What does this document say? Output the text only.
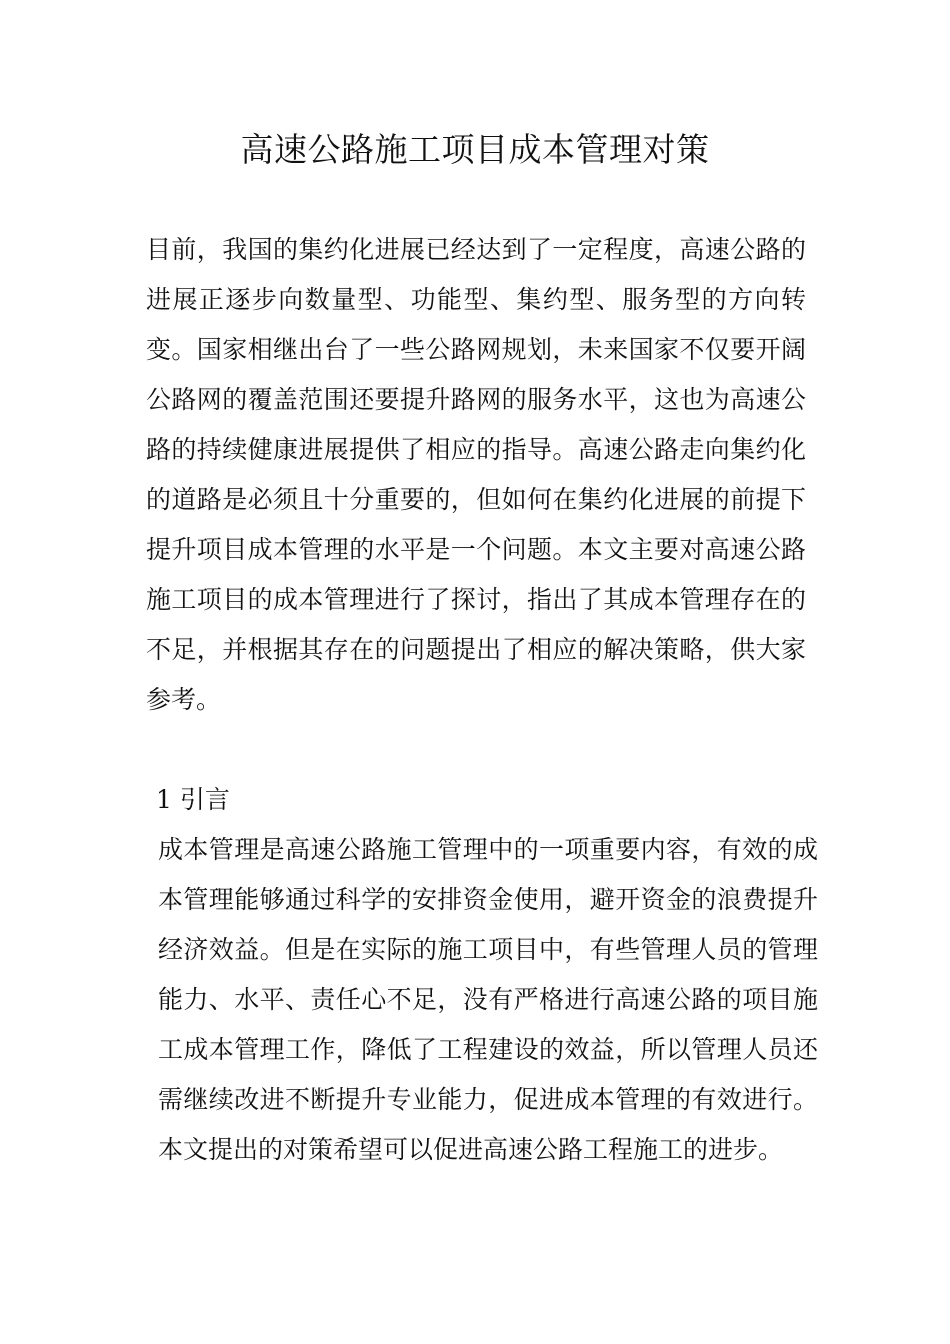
高速公路施工项目成本管理对策

目前，我国的集约化进展已经达到了一定程度，高速公路的进展正逐步向数量型、功能型、集约型、服务型的方向转变。国家相继出台了一些公路网规划，未来国家不仅要开阔公路网的覆盖范围还要提升路网的服务水平，这也为高速公路的持续健康进展提供了相应的指导。高速公路走向集约化的道路是必须且十分重要的，但如何在集约化进展的前提下提升项目成本管理的水平是一个问题。本文主要对高速公路施工项目的成本管理进行了探讨，指出了其成本管理存在的不足，并根据其存在的问题提出了相应的解决策略，供大家参考。

1 引言

成本管理是高速公路施工管理中的一项重要内容，有效的成本管理能够通过科学的安排资金使用，避开资金的浪费提升经济效益。但是在实际的施工项目中，有些管理人员的管理能力、水平、责任心不足，没有严格进行高速公路的项目施工成本管理工作，降低了工程建设的效益，所以管理人员还需继续改进不断提升专业能力，促进成本管理的有效进行。本文提出的对策希望可以促进高速公路工程施工的进步。
